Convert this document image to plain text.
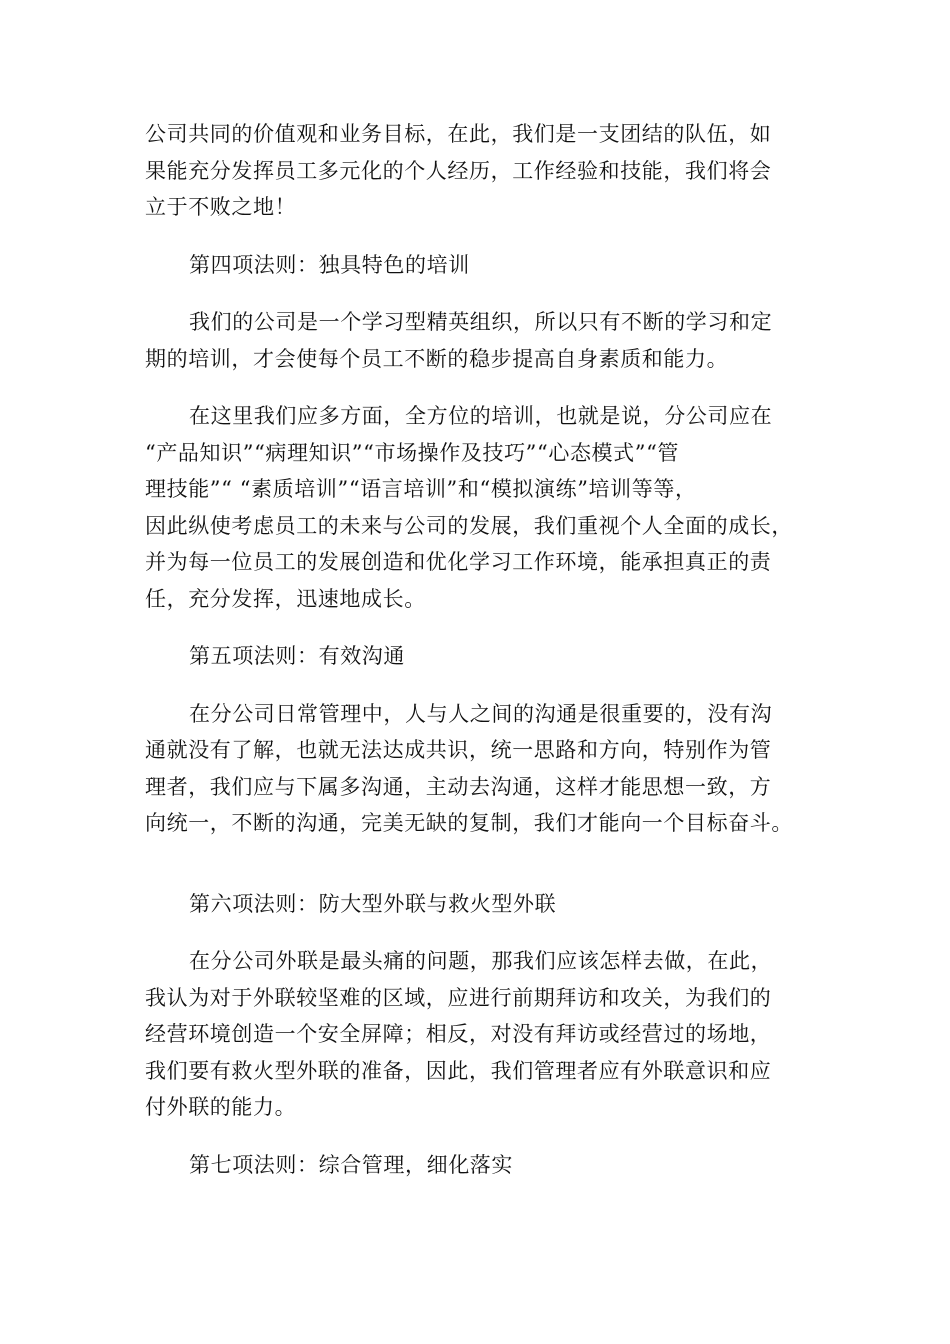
公司共同的价值观和业务目标，在此，我们是一支团结的队伍，如
果能充分发挥员工多元化的个人经历，工作经验和技能，我们将会
立于不败之地！

第四项法则：独具特色的培训

我们的公司是一个学习型精英组织，所以只有不断的学习和定
期的培训，才会使每个员工不断的稳步提高自身素质和能力。

在这里我们应多方面，全方位的培训，也就是说，分公司应在
“产品知识”“病理知识”“市场操作及技巧”“心态模式”“管
理技能”“ “素质培训”“语言培训”和“模拟演练”培训等等，
因此纵使考虑员工的未来与公司的发展，我们重视个人全面的成长，
并为每一位员工的发展创造和优化学习工作环境，能承担真正的责
任，充分发挥，迅速地成长。

第五项法则：有效沟通

在分公司日常管理中，人与人之间的沟通是很重要的，没有沟
通就没有了解，也就无法达成共识，统一思路和方向，特别作为管
理者，我们应与下属多沟通，主动去沟通，这样才能思想一致，方
向统一，不断的沟通，完美无缺的复制，我们才能向一个目标奋斗。

第六项法则：防大型外联与救火型外联

在分公司外联是最头痛的问题，那我们应该怎样去做，在此，
我认为对于外联较坚难的区域，应进行前期拜访和攻关，为我们的
经营环境创造一个安全屏障；相反，对没有拜访或经营过的场地，
我们要有救火型外联的准备，因此，我们管理者应有外联意识和应
付外联的能力。

第七项法则：综合管理，细化落实
